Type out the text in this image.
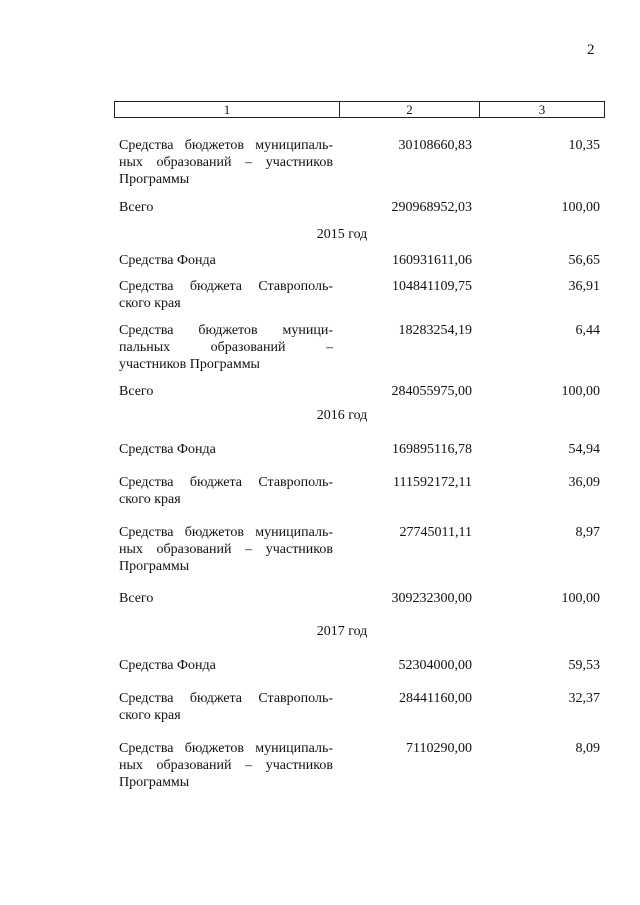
2
1	2	3
Средства бюджетов муниципаль-
ных образований – участников
Программы
30108660,83	10,35
Всего	290968952,03	100,00
2015 год
Средства Фонда	160931611,06	56,65
Средства бюджета Ставрополь-
ского края
104841109,75	36,91
Средства бюджетов муници-
пальных образований –
участников Программы
18283254,19	6,44
Всего	284055975,00	100,00
2016 год
Средства Фонда	169895116,78	54,94
Средства бюджета Ставрополь-
ского края
111592172,11	36,09
Средства бюджетов муниципаль-
ных образований – участников
Программы
27745011,11	8,97
Всего	309232300,00	100,00
2017 год
Средства Фонда	52304000,00	59,53
Средства бюджета Ставрополь-
ского края
28441160,00	32,37
Средства бюджетов муниципаль-
ных образований – участников
Программы
7110290,00	8,09
